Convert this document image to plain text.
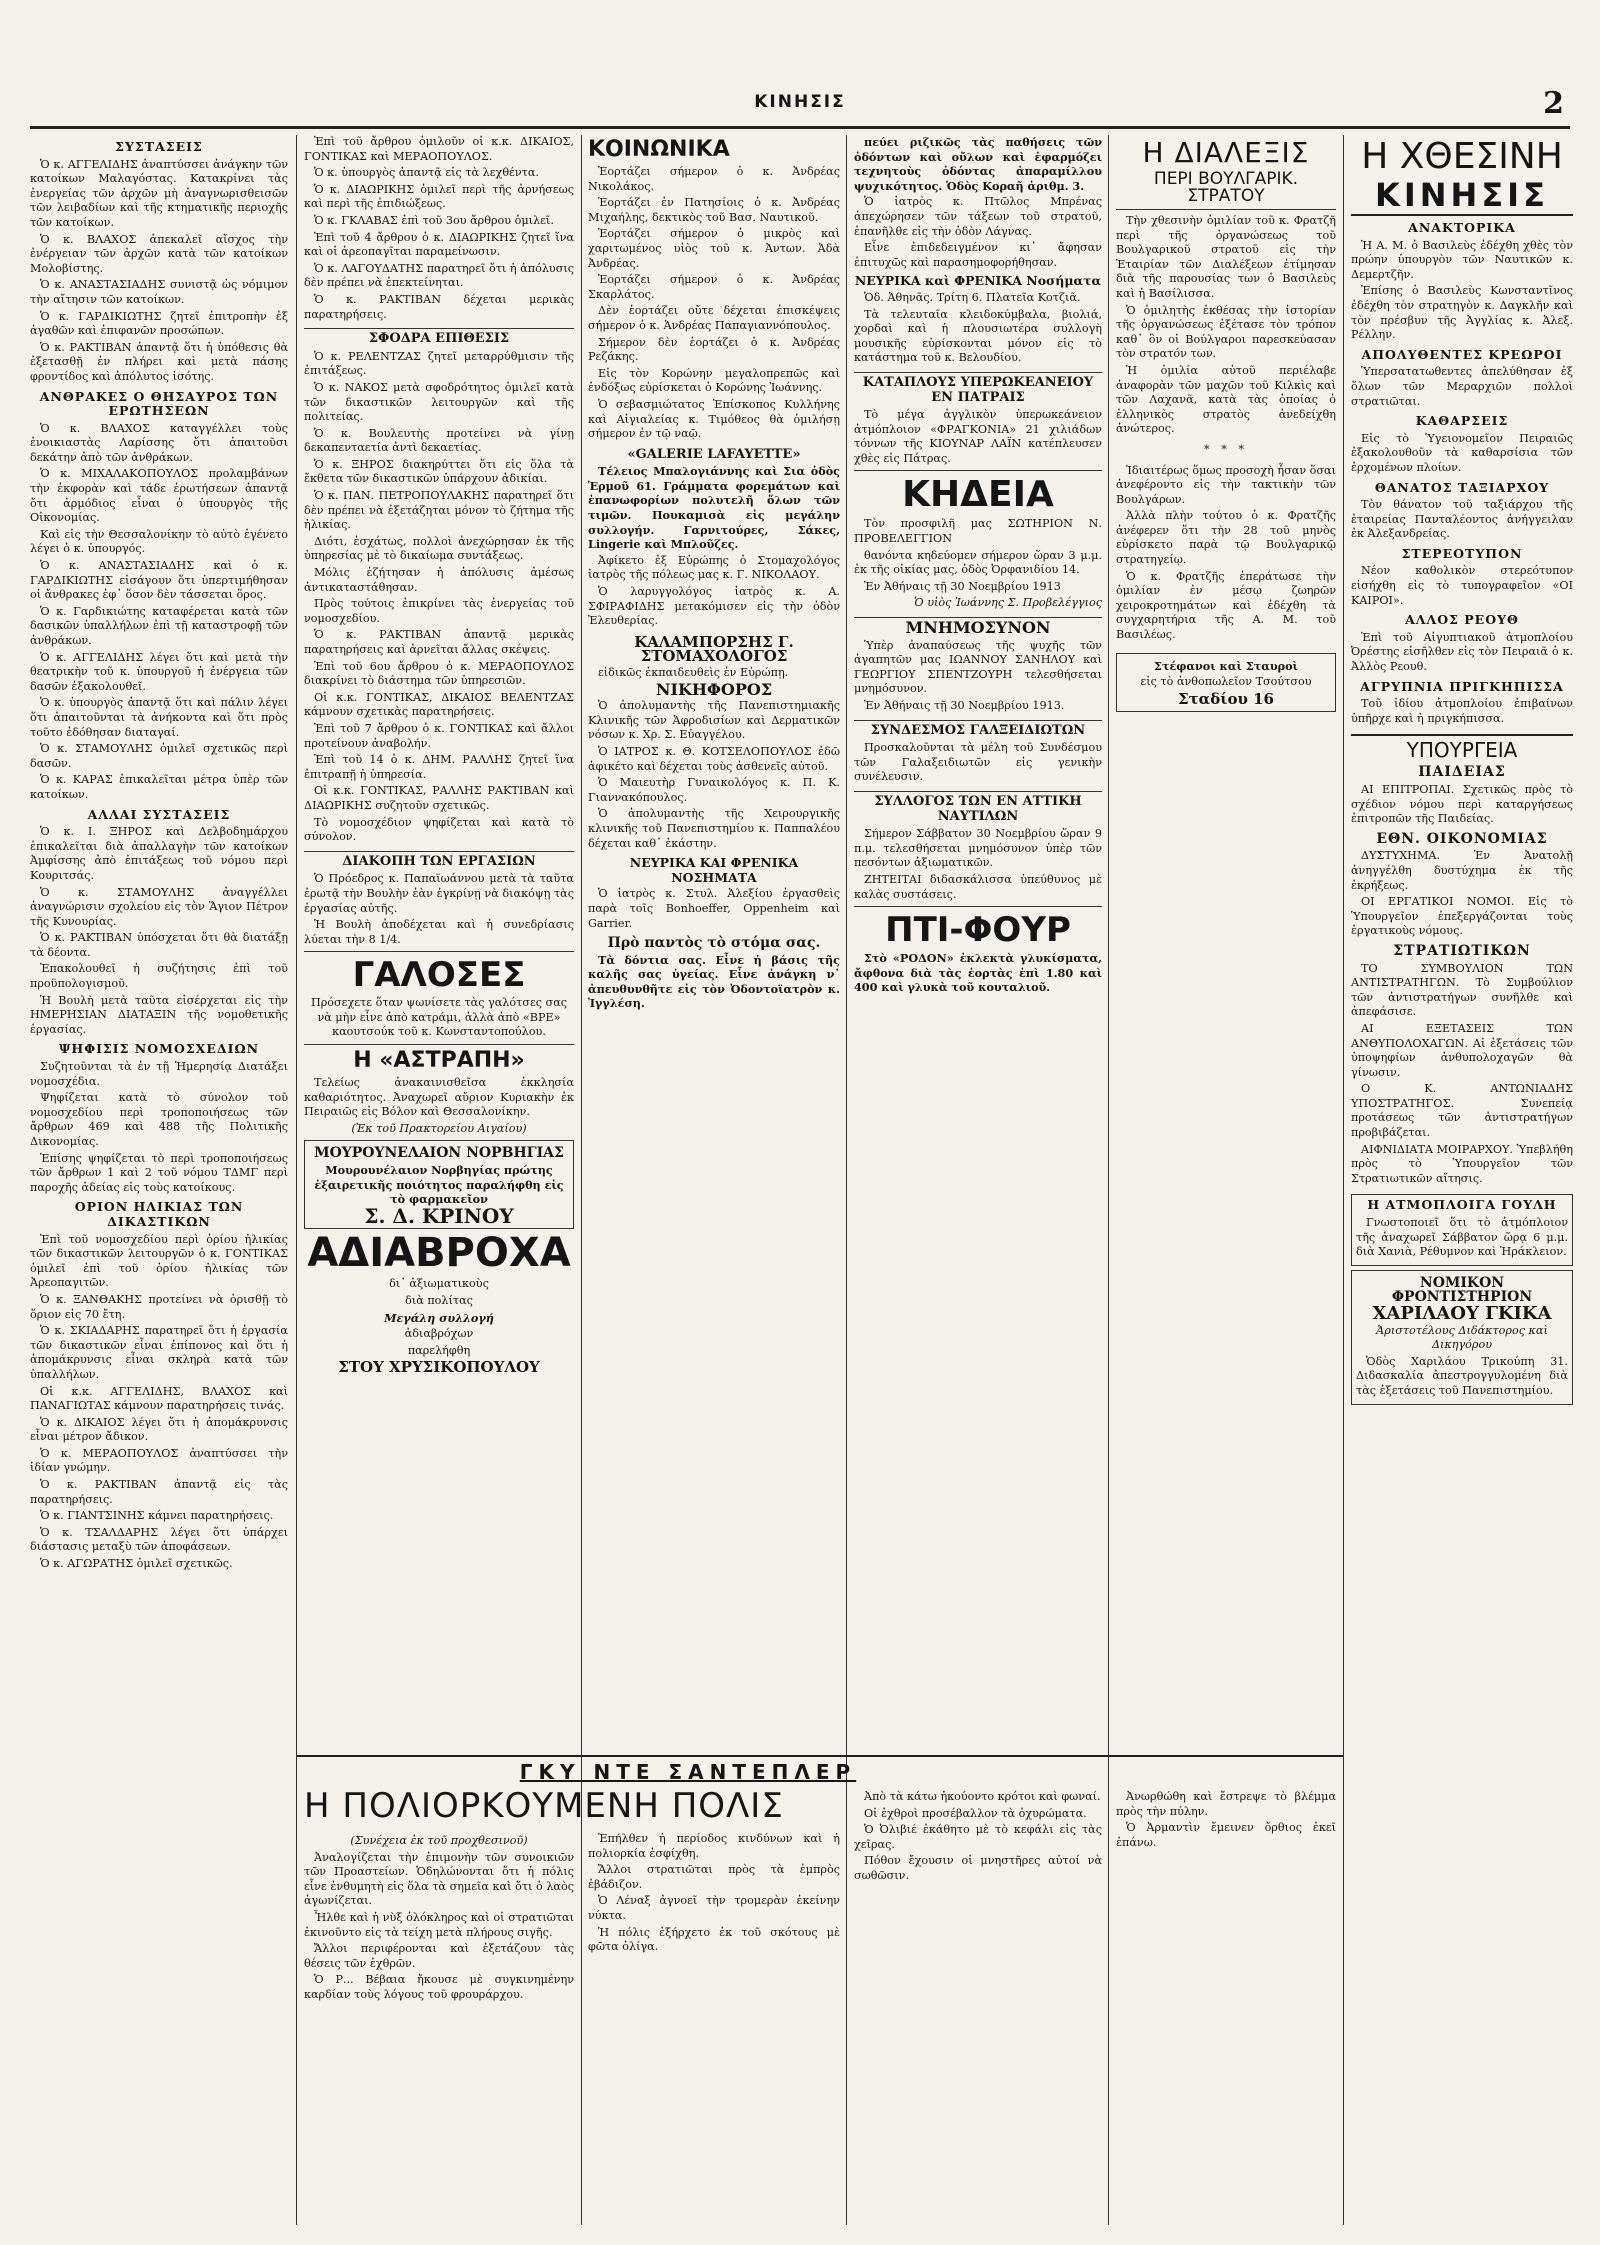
ΚΙΝΗΣΙΣ	2
ΣΥΣΤΑΣΕΙΣ

Ὁ κ. ΑΓΓΕΛΙΔΗΣ ἀναπτύσσει ἀνάγκην τῶν κατοίκων Μαλαγόστας. Κατακρίνει τὰς ἐνεργείας τῶν ἀρχῶν μὴ ἀναγνωρισθεισῶν τῶν λειβαδίων καὶ τῆς κτηματικῆς περιοχῆς τῶν κατοίκων.

Ὁ κ. ΒΛΑΧΟΣ ἀπεκαλεῖ αἴσχος τὴν ἐνέργειαν τῶν ἀρχῶν κατὰ τῶν κατοίκων Μολοβίστης.

Ὁ κ. ΑΝΑΣΤΑΣΙΑΔΗΣ συνιστᾷ ὡς νόμιμον τὴν αἴτησιν τῶν κατοίκων.

Ὁ κ. ΓΑΡΔΙΚΙΩΤΗΣ ζητεῖ ἐπιτροπὴν ἐξ ἀγαθῶν καὶ ἐπιφανῶν προσώπων.

Ὁ κ. ΡΑΚΤΙΒΑΝ ἀπαντᾷ ὅτι ἡ ὑπόθεσις θὰ ἐξετασθῇ ἐν πλήρει καὶ μετὰ πάσης φροντίδος καὶ ἀπόλυτος ἰσότης.

ΑΝΘΡΑΚΕΣ Ο ΘΗΣΑΥΡΟΣ ΤΩΝ ΕΡΩΤΗΣΕΩΝ

Ὁ κ. ΒΛΑΧΟΣ καταγγέλλει τοὺς ἐνοικιαστὰς Λαρίσσης ὅτι ἀπαιτοῦσι δεκάτην ἀπὸ τῶν ἀνθράκων.

Ὁ κ. ΜΙΧΑΛΑΚΟΠΟΥΛΟΣ προλαμβάνων τὴν ἐκφορὰν καὶ τάδε ἐρωτήσεων ἀπαντᾷ ὅτι ἀρμόδιος εἶναι ὁ ὑπουργὸς τῆς Οἰκονομίας.

Καὶ εἰς τὴν Θεσσαλονίκην τὸ αὐτὸ ἐγένετο λέγει ὁ κ. ὑπουργός.

Ὁ κ. ΑΝΑΣΤΑΣΙΑΔΗΣ καὶ ὁ κ. ΓΑΡΔΙΚΙΩΤΗΣ εἰσάγουν ὅτι ὑπερτιμήθησαν οἱ ἄνθρακες ἐφ᾽ ὅσον δὲν τάσσεται ὅρος.

Ὁ κ. Γαρδικιώτης καταφέρεται κατὰ τῶν δασικῶν ὑπαλλήλων ἐπὶ τῇ καταστροφῇ τῶν ἀνθράκων.

Ὁ κ. ΑΓΓΕΛΙΔΗΣ λέγει ὅτι καὶ μετὰ τὴν θεατρικὴν τοῦ κ. ὑπουργοῦ ἡ ἐνέργεια τῶν δασῶν ἐξακολουθεῖ.

Ὁ κ. ὑπουργὸς ἀπαντᾷ ὅτι καὶ πάλιν λέγει ὅτι ἀπαιτοῦνται τὰ ἀνήκοντα καὶ ὅτι πρὸς τοῦτο ἐδόθησαν διαταγαί.

Ὁ κ. ΣΤΑΜΟΥΛΗΣ ὁμιλεῖ σχετικῶς περὶ δασῶν.

Ὁ κ. ΚΑΡΑΣ ἐπικαλεῖται μέτρα ὑπὲρ τῶν κατοίκων.

ΑΛΛΑΙ ΣΥΣΤΑΣΕΙΣ

Ὁ κ. Ι. ΞΗΡΟΣ καὶ Δελβοδημάρχου ἐπικαλεῖται διὰ ἀπαλλαγὴν τῶν κατοίκων Ἀμφίσσης ἀπὸ ἐπιτάξεως τοῦ νόμου περὶ Κουριτσάς.

Ὁ κ. ΣΤΑΜΟΥΛΗΣ ἀναγγέλλει ἀναγνώρισιν σχολείου εἰς τὸν Ἅγιον Πέτρον τῆς Κυνουρίας.

Ὁ κ. ΡΑΚΤΙΒΑΝ ὑπόσχεται ὅτι θὰ διατάξῃ τὰ δέοντα.

Ἐπακολουθεῖ ἡ συζήτησις ἐπὶ τοῦ προϋπολογισμοῦ.

Ἡ Βουλὴ μετὰ ταῦτα εἰσέρχεται εἰς τὴν ΗΜΕΡΗΣΙΑΝ ΔΙΑΤΑΞΙΝ τῆς νομοθετικῆς ἐργασίας.

ΨΗΦΙΣΙΣ ΝΟΜΟΣΧΕΔΙΩΝ

Συζητοῦνται τὰ ἐν τῇ Ἡμερησίᾳ Διατάξει νομοσχέδια.

Ψηφίζεται κατὰ τὸ σύνολον τοῦ νομοσχεδίου περὶ τροποποιήσεως τῶν ἄρθρων 469 καὶ 488 τῆς Πολιτικῆς Δικονομίας.

Ἐπίσης ψηφίζεται τὸ περὶ τροποποιήσεως τῶν ἄρθρων 1 καὶ 2 τοῦ νόμου ΤΔΜΓ περὶ παροχῆς ἀδείας εἰς τοὺς κατοίκους.

ΟΡΙΟΝ ΗΛΙΚΙΑΣ ΤΩΝ ΔΙΚΑΣΤΙΚΩΝ

Ἐπὶ τοῦ νομοσχεδίου περὶ ὁρίου ἡλικίας τῶν δικαστικῶν λειτουργῶν ὁ κ. ΓΟΝΤΙΚΑΣ ὁμιλεῖ ἐπὶ τοῦ ὁρίου ἡλικίας τῶν Ἀρεοπαγιτῶν.

Ὁ κ. ΞΑΝΘΑΚΗΣ προτείνει νὰ ὁρισθῇ τὸ ὅριον εἰς 70 ἔτη.

Ὁ κ. ΣΚΙΑΔΑΡΗΣ παρατηρεῖ ὅτι ἡ ἐργασία τῶν δικαστικῶν εἶναι ἐπίπονος καὶ ὅτι ἡ ἀπομάκρυνσις εἶναι σκληρὰ κατὰ τῶν ὑπαλλήλων.

Οἱ κ.κ. ΑΓΓΕΛΙΔΗΣ, ΒΛΑΧΟΣ καὶ ΠΑΝΑΓΙΩΤΑΣ κάμνουν παρατηρήσεις τινάς.

Ὁ κ. ΔΙΚΑΙΟΣ λέγει ὅτι ἡ ἀπομάκρυνσις εἶναι μέτρον ἄδικον.

Ὁ κ. ΜΕΡΑΟΠΟΥΛΟΣ ἀναπτύσσει τὴν ἰδίαν γνώμην.

Ὁ κ. ΡΑΚΤΙΒΑΝ ἀπαντᾷ εἰς τὰς παρατηρήσεις.

Ὁ κ. ΓΙΑΝΤΣΙΝΗΣ κάμνει παρατηρήσεις.

Ὁ κ. ΤΣΑΛΔΑΡΗΣ λέγει ὅτι ὑπάρχει διάστασις μεταξὺ τῶν ἀποφάσεων.

Ὁ κ. ΑΓΩΡΑΤΗΣ ὁμιλεῖ σχετικῶς.

Ἐπὶ τοῦ ἄρθρου ὁμιλοῦν οἱ κ.κ. ΔΙΚΑΙΟΣ, ΓΟΝΤΙΚΑΣ καὶ ΜΕΡΑΟΠΟΥΛΟΣ.

Ὁ κ. ὑπουργὸς ἀπαντᾷ εἰς τὰ λεχθέντα.

Ὁ κ. ΔΙΑΩΡΙΚΗΣ ὁμιλεῖ περὶ τῆς ἀρνήσεως καὶ περὶ τῆς ἐπιδιώξεως.

Ὁ κ. ΓΚΛΑΒΑΣ ἐπὶ τοῦ 3ου ἄρθρου ὁμιλεῖ.

Ἐπὶ τοῦ 4 ἄρθρου ὁ κ. ΔΙΑΩΡΙΚΗΣ ζητεῖ ἵνα καὶ οἱ ἀρεοπαγῖται παραμείνωσιν.

Ὁ κ. ΛΑΓΟΥΔΑΤΗΣ παρατηρεῖ ὅτι ἡ ἀπόλυσις δὲν πρέπει νὰ ἐπεκτείνηται.

Ὁ κ. ΡΑΚΤΙΒΑΝ δέχεται μερικὰς παρατηρήσεις.

ΣΦΟΔΡΑ ΕΠΙΘΕΣΙΣ

Ὁ κ. ΡΕΛΕΝΤΖΑΣ ζητεῖ μεταρρύθμισιν τῆς ἐπιτάξεως.

Ὁ κ. ΝΑΚΟΣ μετὰ σφοδρότητος ὁμιλεῖ κατὰ τῶν δικαστικῶν λειτουργῶν καὶ τῆς πολιτείας.

Ὁ κ. Βουλευτὴς προτείνει νὰ γίνῃ δεκαπενταετία ἀντὶ δεκαετίας.

Ὁ κ. ΞΗΡΟΣ διακηρύττει ὅτι εἰς ὅλα τὰ ἔκθετα τῶν δικαστικῶν ὑπάρχουν ἀδικίαι.

Ὁ κ. ΠΑΝ. ΠΕΤΡΟΠΟΥΛΑΚΗΣ παρατηρεῖ ὅτι δὲν πρέπει νὰ ἐξετάζηται μόνον τὸ ζήτημα τῆς ἡλικίας.

Διότι, ἐσχάτως, πολλοὶ ἀνεχώρησαν ἐκ τῆς ὑπηρεσίας μὲ τὸ δικαίωμα συντάξεως.

Μόλις ἐζήτησαν ἡ ἀπόλυσις ἀμέσως ἀντικαταστάθησαν.

Πρὸς τούτοις ἐπικρίνει τὰς ἐνεργείας τοῦ νομοσχεδίου.

Ὁ κ. ΡΑΚΤΙΒΑΝ ἀπαντᾷ μερικὰς παρατηρήσεις καὶ ἀρνεῖται ἄλλας σκέψεις.

Ἐπὶ τοῦ 6ου ἄρθρου ὁ κ. ΜΕΡΑΟΠΟΥΛΟΣ διακρίνει τὸ διάστημα τῶν ὑπηρεσιῶν.

Οἱ κ.κ. ΓΟΝΤΙΚΑΣ, ΔΙΚΑΙΟΣ ΒΕΛΕΝΤΖΑΣ κάμνουν σχετικὰς παρατηρήσεις.

Ἐπὶ τοῦ 7 ἄρθρου ὁ κ. ΓΟΝΤΙΚΑΣ καὶ ἄλλοι προτείνουν ἀναβολήν.

Ἐπὶ τοῦ 14 ὁ κ. ΔΗΜ. ΡΑΛΛΗΣ ζητεῖ ἵνα ἐπιτραπῇ ἡ ὑπηρεσία.

Οἱ κ.κ. ΓΟΝΤΙΚΑΣ, ΡΑΛΛΗΣ ΡΑΚΤΙΒΑΝ καὶ ΔΙΑΩΡΙΚΗΣ συζητοῦν σχετικῶς.

Τὸ νομοσχέδιον ψηφίζεται καὶ κατὰ τὸ σύνολον.

ΔΙΑΚΟΠΗ ΤΩΝ ΕΡΓΑΣΙΩΝ

Ὁ Πρόεδρος κ. Παπαϊωάννου μετὰ τὰ ταῦτα ἐρωτᾷ τὴν Βουλὴν ἐὰν ἐγκρίνῃ νὰ διακόψῃ τὰς ἐργασίας αὐτῆς.

Ἡ Βουλὴ ἀποδέχεται καὶ ἡ συνεδρίασις λύεται τὴν 8 1/4.

ΓΑΛΟΣΕΣ

Πρόσεχετε ὅταν ψωνίσετε τὰς γαλότσες σας νὰ μὴν εἶνε ἀπὸ κατράμι, ἀλλὰ ἀπὸ «ΒΡΕ» καουτσούκ τοῦ κ. Κωνσταντοπούλου.

Η «ΑΣΤΡΑΠΗ»

Τελείως ἀνακαινισθεῖσα ἐκκλησία καθαριότητος. Ἀναχωρεῖ αὔριον Κυριακὴν ἐκ Πειραιῶς εἰς Βόλον καὶ Θεσσαλονίκην.

(Ἐκ τοῦ Πρακτορείου Αιγαίου)

ΜΟΥΡΟΥΝΕΛΑΙΟΝ ΝΟΡΒΗΓΙΑΣ

Μουρουνέλαιον Νορβηγίας πρώτης ἐξαιρετικῆς ποιότητος παραλήφθη εἰς τὸ φαρμακεῖον

Σ. Δ. ΚΡΙΝΟΥ
ΑΔΙΑΒΡΟΧΑ

δι᾽ ἀξιωματικοὺς

διὰ πολίτας

Μεγάλη συλλογή

ἀδιαβρόχων

παρελήφθη

ΣΤΟΥ ΧΡΥΣΙΚΟΠΟΥΛΟΥ

ΚΟΙΝΩΝΙΚΑ

Ἑορτάζει σήμερον ὁ κ. Ἀνδρέας Νικολάκος.

Ἑορτάζει ἐν Πατησίοις ὁ κ. Ἀνδρέας Μιχαήλης, δεκτικὸς τοῦ Βασ. Ναυτικοῦ.

Ἑορτάζει σήμερον ὁ μικρὸς καὶ χαριτωμένος υἱὸς τοῦ κ. Ἀντων. Ἀδὰ Ἀνδρέας.

Ἑορτάζει σήμερον ὁ κ. Ἀνδρέας Σκαρλάτος.

Δὲν ἑορτάζει οὔτε δέχεται ἐπισκέψεις σήμερον ὁ κ. Ἀνδρέας Παπαγιαννόπουλος.

Σήμερον δὲν ἑορτάζει ὁ κ. Ἀνδρέας Ρεζάκης.

Εἰς τὸν Κορώνην μεγαλοπρεπῶς καὶ ἐνδόξως εὑρίσκεται ὁ Κορώνης Ἰωάννης.

Ὁ σεβασμιώτατος Ἐπίσκοπος Κυλλήνης καὶ Αἰγιαλείας κ. Τιμόθεος θὰ ὁμιλήσῃ σήμερον ἐν τῷ ναῷ.

«GALERIE LAFAYETTE»

Τέλειος Μπαλογιάννης καὶ Σια ὁδὸς Ἑρμοῦ 61. Γράμματα φορεμάτων καὶ ἐπανωφορίων πολυτελῆ ὅλων τῶν τιμῶν. Πουκαμισὰ εἰς μεγάλην συλλογήν. Γαρνιτούρες, Σάκες, Lingerie καὶ Μπλοῦζες.

Ἀφίκετο ἐξ Εὐρώπης ὁ Στομαχολόγος ἰατρὸς τῆς πόλεως μας κ. Γ. ΝΙΚΟΛΑΟΥ.

Ὁ λαρυγγολόγος ἰατρὸς κ. Α. ΣΦΙΡΑΦΙΔΗΣ μετακόμισεν εἰς τὴν ὁδὸν Ἐλευθερίας.

ΚΑΛΑΜΠΟΡΣΗΣ Γ. ΣΤΟΜΑΧΟΛΟΓΟΣ

εἰδικῶς ἐκπαιδευθεὶς ἐν Εὐρώπῃ.

ΝΙΚΗΦΟΡΟΣ

Ὁ ἀπολυμαντὴς τῆς Πανεπιστημιακῆς Κλινικῆς τῶν Ἀφροδισίων καὶ Δερματικῶν νόσων κ. Χρ. Σ. Εὐαγγέλου.

Ὁ ΙΑΤΡΟΣ κ. Θ. ΚΟΤΣΕΛΟΠΟΥΛΟΣ ἐδῶ ἀφικέτο καὶ δέχεται τοὺς ἀσθενεῖς αὐτοῦ.

Ὁ Μαιευτὴρ Γυναικολόγος κ. Π. Κ. Γιαννακόπουλος.

Ὁ ἀπολυμαντὴς τῆς Χειρουργικῆς κλινικῆς τοῦ Πανεπιστημίου κ. Παππαλέου δέχεται καθ᾽ ἑκάστην.

ΝΕΥΡΙΚΑ ΚΑΙ ΦΡΕΝΙΚΑ ΝΟΣΗΜΑΤΑ

Ὁ ἰατρὸς κ. Στυλ. Ἀλεξίου ἐργασθεὶς παρὰ τοῖς Bonhoeffer, Oppenheim καὶ Garrier.

Πρὸ παντὸς τὸ στόμα σας.

Τὰ δόντια σας. Εἶνε ἡ βάσις τῆς καλῆς σας ὑγείας. Εἶνε ἀνάγκη ν᾽ ἀπευθυνθῆτε εἰς τὸν Ὀδοντοϊατρὸν κ. Ἰγγλέση.

πεύει ριζικῶς τὰς παθήσεις τῶν ὀδόντων καὶ οὔλων καὶ ἐφαρμόζει τεχνητοὺς ὀδόντας ἀπαραμίλλου ψυχικότητος. Ὁδὸς Κοραῆ ἀριθμ. 3.

Ὁ ἰατρὸς κ. Πτῶλος Μπρένας ἀπεχώρησεν τῶν τάξεων τοῦ στρατοῦ, ἐπανῆλθε εἰς τὴν ὁδὸν Λάγνας.

Εἶνε ἐπιδεδειγμένον κι᾽ ἄφησαν ἐπιτυχῶς καὶ παρασημοφορήθησαν.

ΝΕΥΡΙΚΑ καὶ ΦΡΕΝΙΚΑ Νοσήματα

Ὁδ. Ἀθηνᾶς. Τρίτη 6. Πλατεῖα Κοτζιᾶ.

Τὰ τελευταῖα κλειδοκύμβαλα, βιολιά, χορδαὶ καὶ ἡ πλουσιωτέρα συλλογὴ μουσικῆς εὑρίσκονται μόνον εἰς τὸ κατάστημα τοῦ κ. Βελουδίου.

ΚΑΤΑΠΛΟΥΣ ΥΠΕΡΩΚΕΑΝΕΙΟΥ ΕΝ ΠΑΤΡΑΙΣ

Τὸ μέγα ἀγγλικὸν ὑπερωκεάνειον ἀτμόπλοιον «ΦΡΑΓΚΟΝΙΑ» 21 χιλιάδων τόννων τῆς ΚΙΟΥΝΑΡ ΛΑΪΝ κατέπλευσεν χθὲς εἰς Πάτρας.

ΚΗΔΕΙΑ

Τὸν προσφιλῆ μας ΣΩΤΗΡΙΟΝ Ν. ΠΡΟΒΕΛΕΓΓΙΟΝ

θανόντα κηδεύομεν σήμερον ὥραν 3 μ.μ. ἐκ τῆς οἰκίας μας, ὁδὸς Ὀρφανιδίου 14.

Ἐν Ἀθήναις τῇ 30 Νοεμβρίου 1913

Ὁ υἱὸς Ἰωάννης Σ. Προβελέγγιος

ΜΝΗΜΟΣΥΝΟΝ

Ὑπὲρ ἀναπαύσεως τῆς ψυχῆς τῶν ἀγαπητῶν μας ΙΩΑΝΝΟΥ ΣΑΝΗΛΟΥ καὶ ΓΕΩΡΓΙΟΥ ΣΠΕΝΤΖΟΥΡΗ τελεσθήσεται μνημόσυνον.

Ἐν Ἀθήναις τῇ 30 Νοεμβρίου 1913.

ΣΥΝΔΕΣΜΟΣ ΓΑΛΞΕΙΔΙΩΤΩΝ

Προσκαλοῦνται τὰ μέλη τοῦ Συνδέσμου τῶν Γαλαξειδιωτῶν εἰς γενικὴν συνέλευσιν.

ΣΥΛΛΟΓΟΣ ΤΩΝ ΕΝ ΑΤΤΙΚΗ ΝΑΥΤΙΛΩΝ

Σήμερον Σάββατον 30 Νοεμβρίου ὥραν 9 π.μ. τελεσθήσεται μνημόσυνον ὑπὲρ τῶν πεσόντων ἀξιωματικῶν.

ΖΗΤΕΙΤΑΙ διδασκάλισσα ὑπεύθυνος μὲ καλὰς συστάσεις.

ΠΤΙ-ΦΟΥΡ

Στὸ «ΡΟΔΟΝ» ἐκλεκτὰ γλυκίσματα, ἄφθονα διὰ τὰς ἑορτὰς ἐπὶ 1.80 καὶ 400 καὶ γλυκὰ τοῦ κουταλιοῦ.

Η ΔΙΑΛΕΞΙΣ
ΠΕΡΙ ΒΟΥΛΓΑΡΙΚ. ΣΤΡΑΤΟΥ

Τὴν χθεσινὴν ὁμιλίαν τοῦ κ. Φρατζῆ περὶ τῆς ὀργανώσεως τοῦ Βουλγαρικοῦ στρατοῦ εἰς τὴν Ἑταιρίαν τῶν Διαλέξεων ἐτίμησαν διὰ τῆς παρουσίας των ὁ Βασιλεὺς καὶ ἡ Βασίλισσα.

Ὁ ὁμιλητὴς ἐκθέσας τὴν ἱστορίαν τῆς ὀργανώσεως ἐξέτασε τὸν τρόπον καθ᾽ ὃν οἱ Βούλγαροι παρεσκεύασαν τὸν στρατόν των.

Ἡ ὁμιλία αὐτοῦ περιέλαβε ἀναφορὰν τῶν μαχῶν τοῦ Κιλκὶς καὶ τῶν Λαχανᾶ, κατὰ τὰς ὁποίας ὁ ἑλληνικὸς στρατὸς ἀνεδείχθη ἀνώτερος.

* * *

Ἰδιαιτέρως ὅμως προσοχὴ ἦσαν ὅσαι ἀνεφέροντο εἰς τὴν τακτικὴν τῶν Βουλγάρων.

Ἀλλὰ πλὴν τούτου ὁ κ. Φρατζῆς ἀνέφερεν ὅτι τὴν 28 τοῦ μηνὸς εὑρίσκετο παρὰ τῷ Βουλγαρικῷ στρατηγείῳ.

Ὁ κ. Φρατζῆς ἐπεράτωσε τὴν ὁμιλίαν ἐν μέσῳ ζωηρῶν χειροκροτημάτων καὶ ἐδέχθη τὰ συγχαρητήρια τῆς Α. Μ. τοῦ Βασιλέως.

Στέφανοι καὶ Σταυροὶ

εἰς τὸ ἀνθοπωλεῖον Τσούτσου

Σταδίου 16

Η ΧΘΕΣΙΝΗ
ΚΙΝΗΣΙΣ
ΑΝΑΚΤΟΡΙΚΑ

Ἡ Α. Μ. ὁ Βασιλεὺς ἐδέχθη χθὲς τὸν πρώην ὑπουργὸν τῶν Ναυτικῶν κ. Δεμερτζῆν.

Ἐπίσης ὁ Βασιλεὺς Κωνσταντῖνος ἐδέχθη τὸν στρατηγὸν κ. Δαγκλῆν καὶ τὸν πρέσβυν τῆς Ἀγγλίας κ. Ἀλεξ. Ρέλλην.

ΑΠΟΛΥΘΕΝΤΕΣ ΚΡΕΩΡΟΙ

Ὑπερσατατωθεντες ἀπελύθησαν ἐξ ὅλων τῶν Μεραρχιῶν πολλοὶ στρατιῶται.

ΚΑΘΑΡΣΕΙΣ

Εἰς τὸ Ὑγειονομεῖον Πειραιῶς ἐξακολουθοῦν τὰ καθαρσίσια τῶν ἐρχομένων πλοίων.

ΘΑΝΑΤΟΣ ΤΑΞΙΑΡΧΟΥ

Τὸν θάνατον τοῦ ταξιάρχου τῆς ἑταιρείας Πανταλέοντος ἀνήγγειλαν ἐκ Ἀλεξανδρείας.

ΣΤΕΡΕΟΤΥΠΟΝ

Νέον καθολικὸν στερεότυπον εἰσήχθη εἰς τὸ τυπογραφεῖον «ΟΙ ΚΑΙΡΟΙ».

ΑΛΛΟΣ ΡΕΟΥΘ

Ἐπὶ τοῦ Αἰγυπτιακοῦ ἀτμοπλοίου Ὀρέστης εἰσῆλθεν εἰς τὸν Πειραιᾶ ὁ κ. Ἀλλὸς Ρεουθ.

ΑΓΡΥΠΝΙΑ ΠΡΙΓΚΗΠΙΣΣΑ

Τοῦ ἰδίου ἀτμοπλοίου ἐπιβαίνων ὑπῆρχε καὶ ἡ πριγκήπισσα.

ΥΠΟΥΡΓΕΙΑ
ΠΑΙΔΕΙΑΣ

ΑΙ ΕΠΙΤΡΟΠΑΙ. Σχετικῶς πρὸς τὸ σχέδιον νόμου περὶ καταργήσεως ἐπιτροπῶν τῆς Παιδείας.

ΕΘΝ. ΟΙΚΟΝΟΜΙΑΣ

ΔΥΣΤΥΧΗΜΑ. Ἐν Ἀνατολῇ ἀνηγγέλθη δυστύχημα ἐκ τῆς ἐκρήξεως.

ΟΙ ΕΡΓΑΤΙΚΟΙ ΝΟΜΟΙ. Εἰς τὸ Ὑπουργεῖον ἐπεξεργάζονται τοὺς ἐργατικοὺς νόμους.

ΣΤΡΑΤΙΩΤΙΚΩΝ

ΤΟ ΣΥΜΒΟΥΛΙΟΝ ΤΩΝ ΑΝΤΙΣΤΡΑΤΗΓΩΝ. Τὸ Συμβούλιον τῶν ἀντιστρατήγων συνῆλθε καὶ ἀπεφάσισε.

ΑΙ ΕΞΕΤΑΣΕΙΣ ΤΩΝ ΑΝΘΥΠΟΛΟΧΑΓΩΝ. Αἱ ἐξετάσεις τῶν ὑποψηφίων ἀνθυπολοχαγῶν θὰ γίνωσιν.

Ο Κ. ΑΝΤΩΝΙΑΔΗΣ ΥΠΟΣΤΡΑΤΗΓΟΣ. Συνεπείᾳ προτάσεως τῶν ἀντιστρατήγων προβιβάζεται.

ΑΙΦΝΙΔΙΑΤΑ ΜΟΙΡΑΡΧΟΥ. Ὑπεβλήθη πρὸς τὸ Ὑπουργεῖον τῶν Στρατιωτικῶν αἴτησις.

Η ΑΤΜΟΠΛΟΙΓΑ ΓΟΥΛΗ

Γνωστοποιεῖ ὅτι τὸ ἀτμόπλοιον τῆς ἀναχωρεῖ Σάββατον ὥρᾳ 6 μ.μ. διὰ Χανιὰ, Ρέθυμνον καὶ Ἡράκλειον.

ΝΟΜΙΚΟΝ ΦΡΟΝΤΙΣΤΗΡΙΟΝ
ΧΑΡΙΛΑΟΥ ΓΚΙΚΑ

Ἀριστοτέλους Διδάκτορος καὶ Δικηγόρου

Ὁδὸς Χαριλάου Τρικούπη 31. Διδασκαλία ἀπεστρογγυλομένη διὰ τὰς ἐξετάσεις τοῦ Πανεπιστημίου.

ΓΚΥ ΝΤΕ ΣΑΝΤΕΠΛΕΡ
Η ΠΟΛΙΟΡΚΟΥΜΕΝΗ ΠΟΛΙΣ

(Συνέχεια ἐκ τοῦ προχθεσινοῦ)

Ἀναλογίζεται τὴν ἐπιμονὴν τῶν συνοικιῶν τῶν Προαστείων. Ὁδηλώνονται ὅτι ἡ πόλις εἶνε ἐνθυμητὴ εἰς ὅλα τὰ σημεῖα καὶ ὅτι ὁ λαὸς ἀγωνίζεται.

Ἦλθε καὶ ἡ νὺξ ὁλόκληρος καὶ οἱ στρατιῶται ἐκινοῦντο εἰς τὰ τείχη μετὰ πλήρους σιγῆς.

Ἄλλοι περιφέρονται καὶ ἐξετάζουν τὰς θέσεις τῶν ἐχθρῶν.

Ὁ Ρ... Βέβαια ἤκουσε μὲ συγκινημένην καρδίαν τοὺς λόγους τοῦ φρουράρχου.

Ἐπήλθεν ἡ περίοδος κινδύνων καὶ ἡ πολιορκία ἐσφίχθη.

Ἄλλοι στρατιῶται πρὸς τὰ ἐμπρὸς ἐβάδιζον.

Ὁ Λέναξ ἀγνοεῖ τὴν τρομερὰν ἐκείνην νύκτα.

Ἡ πόλις ἐξήρχετο ἐκ τοῦ σκότους μὲ φῶτα ὀλίγα.

Ἀπὸ τὰ κάτω ἠκούοντο κρότοι καὶ φωναί.

Οἱ ἐχθροὶ προσέβαλλον τὰ ὀχυρώματα.

Ὁ Ὀλιβιέ ἐκάθητο μὲ τὸ κεφάλι εἰς τὰς χεῖρας.

Πόθον ἔχουσιν οἱ μνηστῆρες αὐτοί νὰ σωθῶσιν.

Ἀνωρθώθη καὶ ἔστρεψε τὸ βλέμμα πρὸς τὴν πύλην.

Ὁ Ἀρμαντὶν ἔμεινεν ὄρθιος ἐκεῖ ἐπάνω.
